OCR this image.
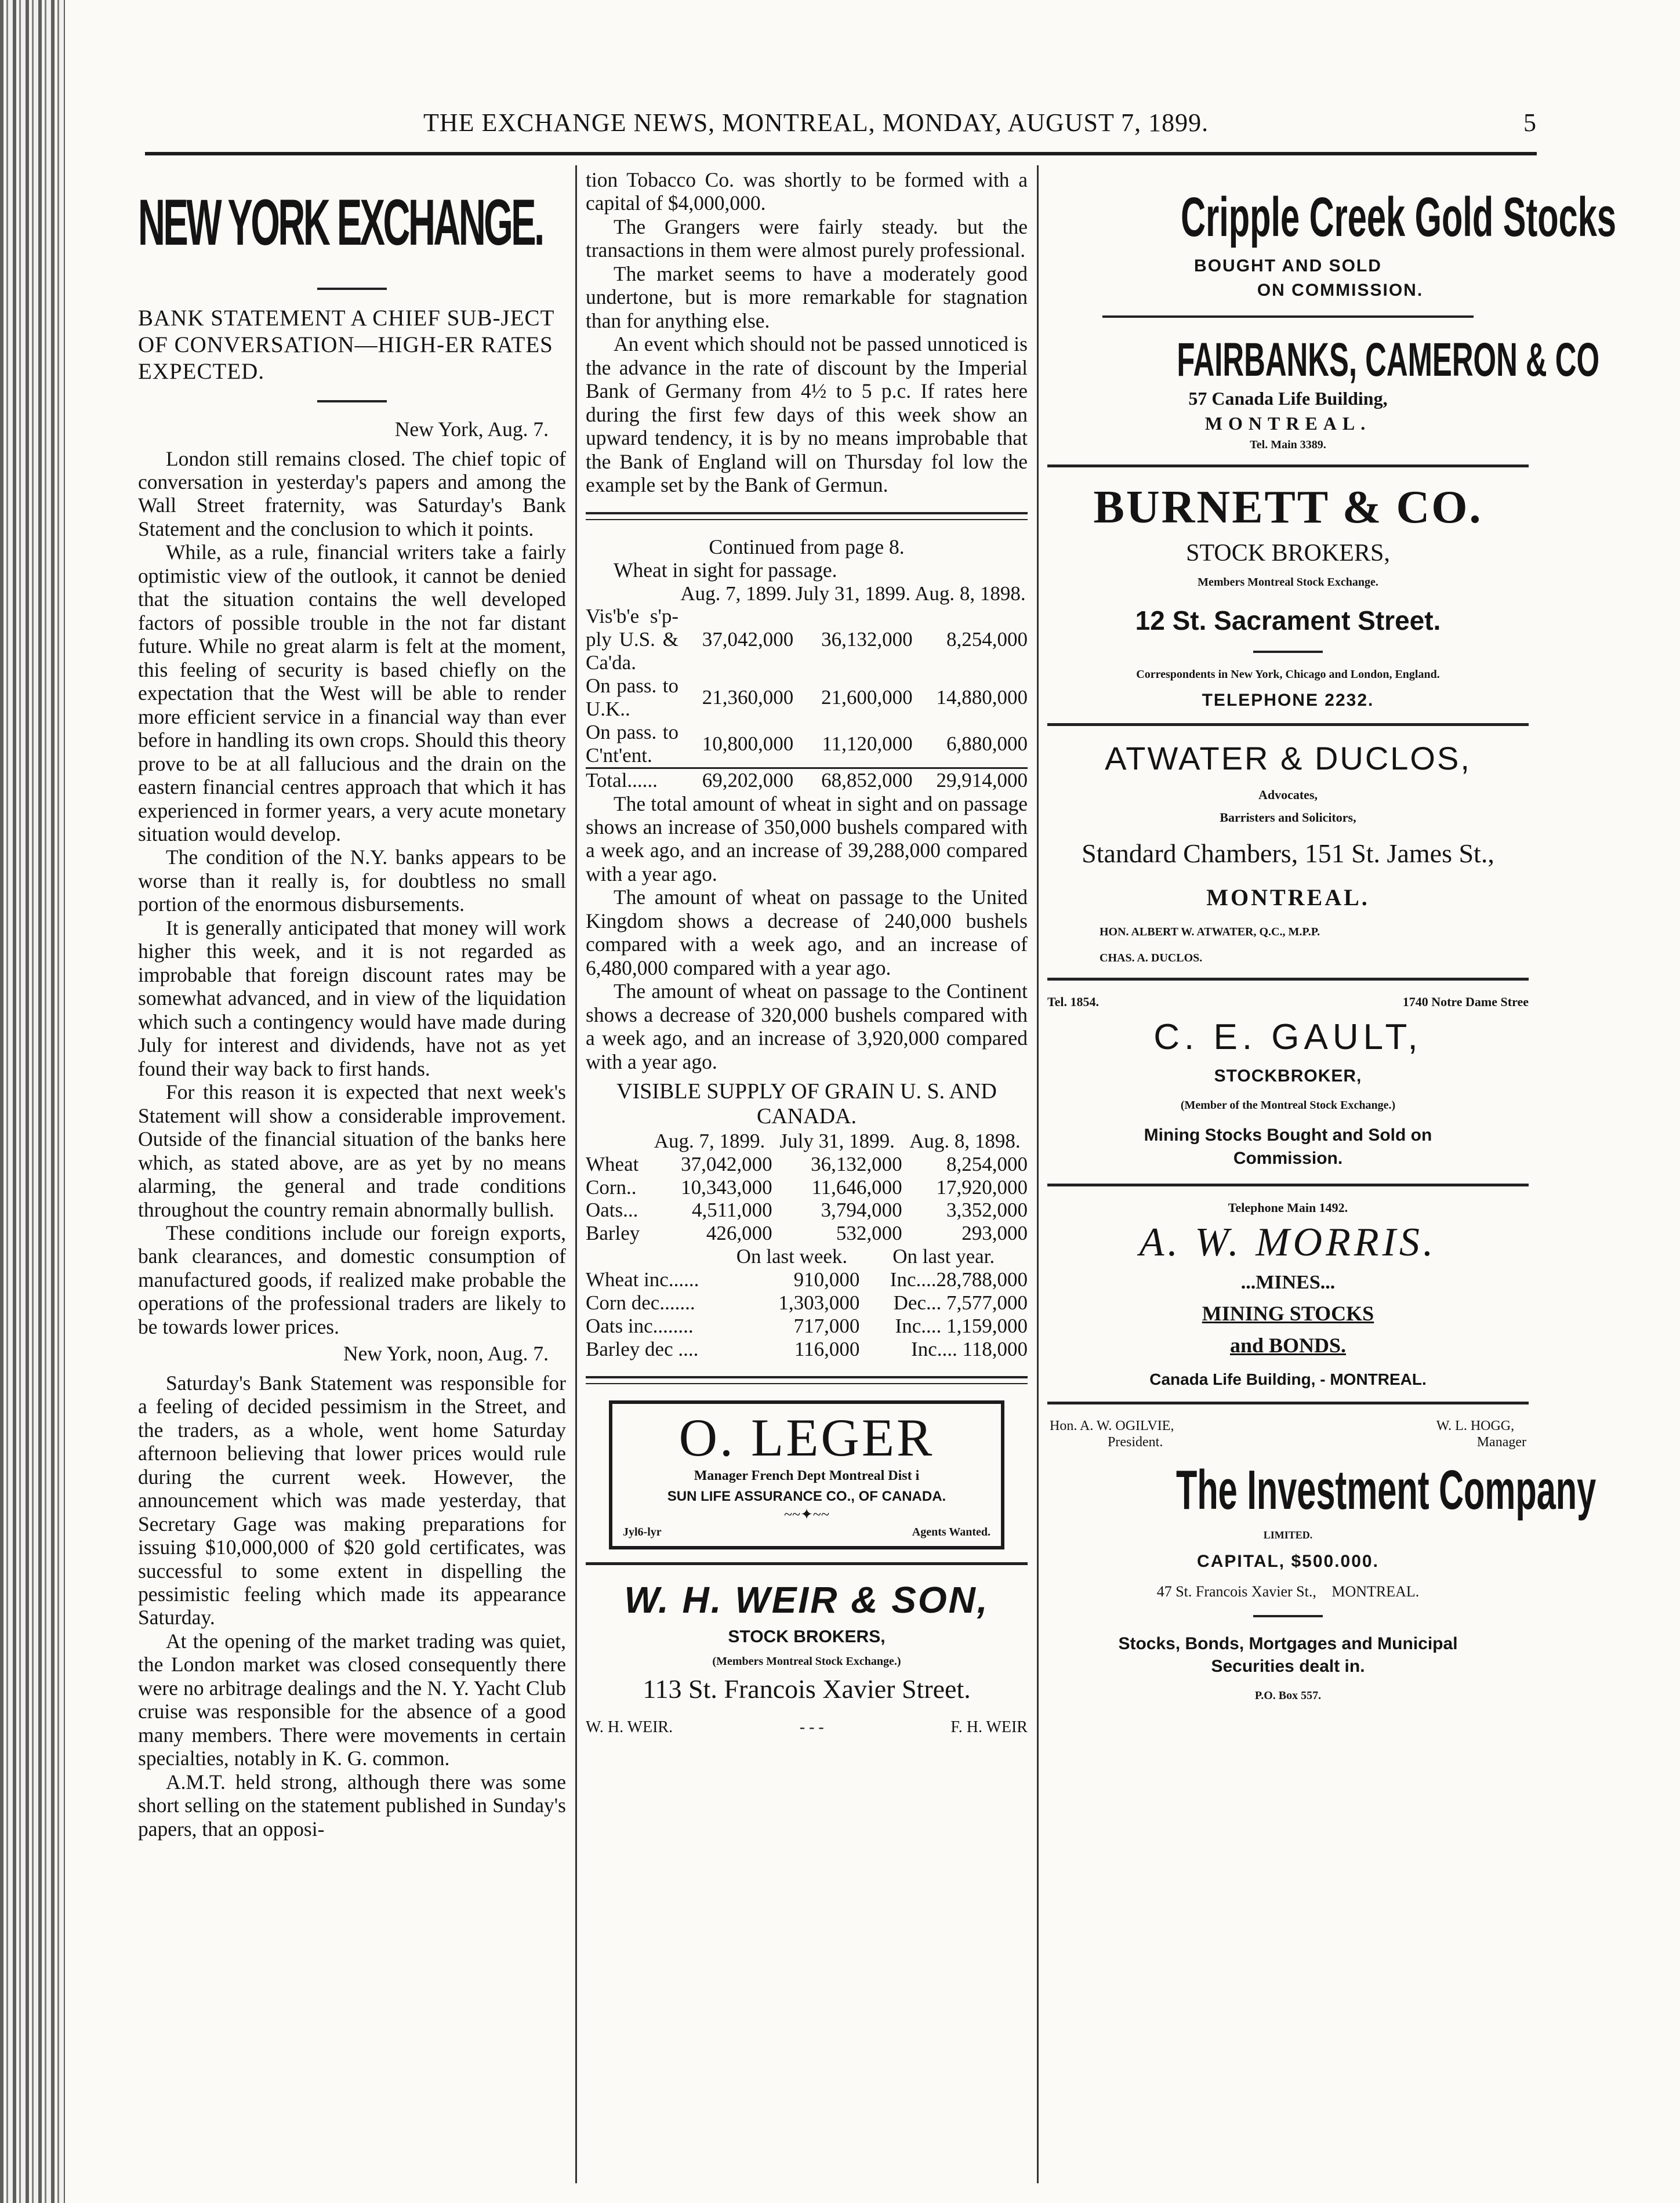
THE EXCHANGE NEWS, MONTREAL, MONDAY, AUGUST 7, 1899.	5
NEW YORK EXCHANGE.

BANK STATEMENT A CHIEF SUB-JECT OF CONVERSATION—HIGH-ER RATES EXPECTED.

New York, Aug. 7.

London still remains closed. The chief topic of conversation in yesterday's papers and among the Wall Street fraternity, was Saturday's Bank Statement and the conclusion to which it points.

While, as a rule, financial writers take a fairly optimistic view of the outlook, it cannot be denied that the situation contains the well developed factors of possible trouble in the not far distant future. While no great alarm is felt at the moment, this feeling of security is based chiefly on the expectation that the West will be able to render more efficient service in a financial way than ever before in handling its own crops. Should this theory prove to be at all fallucious and the drain on the eastern financial centres approach that which it has experienced in former years, a very acute monetary situation would develop.

The condition of the N.Y. banks appears to be worse than it really is, for doubtless no small portion of the enormous disbursements.

It is generally anticipated that money will work higher this week, and it is not regarded as improbable that foreign discount rates may be somewhat advanced, and in view of the liquidation which such a contingency would have made during July for interest and dividends, have not as yet found their way back to first hands.

For this reason it is expected that next week's Statement will show a considerable improvement. Outside of the financial situation of the banks here which, as stated above, are as yet by no means alarming, the general and trade conditions throughout the country remain abnormally bullish.

These conditions include our foreign exports, bank clearances, and domestic consumption of manufactured goods, if realized make probable the operations of the professional traders are likely to be towards lower prices.

New York, noon, Aug. 7.

Saturday's Bank Statement was responsible for a feeling of decided pessimism in the Street, and the traders, as a whole, went home Saturday afternoon believing that lower prices would rule during the current week. However, the announcement which was made yesterday, that Secretary Gage was making preparations for issuing $10,000,000 of $20 gold certificates, was successful to some extent in dispelling the pessimistic feeling which made its appearance Saturday.

At the opening of the market trading was quiet, the London market was closed consequently there were no arbitrage dealings and the N. Y. Yacht Club cruise was responsible for the absence of a good many members. There were movements in certain specialties, notably in K. G. common.

A.M.T. held strong, although there was some short selling on the statement published in Sunday's papers, that an opposi-

tion Tobacco Co. was shortly to be formed with a capital of $4,000,000.

The Grangers were fairly steady. but the transactions in them were almost purely professional.

The market seems to have a moderately good undertone, but is more remarkable for stagnation than for anything else.

An event which should not be passed unnoticed is the advance in the rate of discount by the Imperial Bank of Germany from 4½ to 5 p.c. If rates here during the first few days of this week show an upward tendency, it is by no means improbable that the Bank of England will on Thursday fol low the example set by the Bank of Germun.

Continued from page 8.

Wheat in sight for passage.

	Aug. 7, 1899.	July 31, 1899.	Aug. 8, 1898.
Vis'b'e s'p-ply U.S. & Ca'da.	37,042,000	36,132,000	8,254,000
On pass. to U.K..	21,360,000	21,600,000	14,880,000
On pass. to C'nt'ent.	10,800,000	11,120,000	6,880,000
Total......	69,202,000	68,852,000	29,914,000

The total amount of wheat in sight and on passage shows an increase of 350,000 bushels compared with a week ago, and an increase of 39,288,000 compared with a year ago.

The amount of wheat on passage to the United Kingdom shows a decrease of 240,000 bushels compared with a week ago, and an increase of 6,480,000 compared with a year ago.

The amount of wheat on passage to the Continent shows a decrease of 320,000 bushels compared with a week ago, and an increase of 3,920,000 compared with a year ago.

VISIBLE SUPPLY OF GRAIN U. S. AND CANADA.

	Aug. 7, 1899.	July 31, 1899.	Aug. 8, 1898.
Wheat	37,042,000	36,132,000	8,254,000
Corn..	10,343,000	11,646,000	17,920,000
Oats...	4,511,000	3,794,000	3,352,000
Barley	426,000	532,000	293,000
	On last week.	On last year.
Wheat inc......	910,000	Inc....28,788,000
Corn dec.......	1,303,000	Dec... 7,577,000
Oats inc........	717,000	Inc.... 1,159,000
Barley dec ....	116,000	Inc.... 118,000
O. LEGER
Manager French Dept Montreal Dist i
SUN LIFE ASSURANCE CO., OF CANADA.
~~✦~~
Jyl6-lyr	Agents Wanted.
W. H. WEIR & SON,
STOCK BROKERS,
(Members Montreal Stock Exchange.)
113 St. Francois Xavier Street.
W. H. WEIR.	- - -	F. H. WEIR
Cripple Creek Gold Stocks
BOUGHT AND SOLD
ON COMMISSION.
FAIRBANKS, CAMERON & CO
57 Canada Life Building,
MONTREAL.
Tel. Main 3389.
BURNETT & CO.
STOCK BROKERS,
Members Montreal Stock Exchange.
12 St. Sacrament Street.
Correspondents in New York, Chicago and London, England.
TELEPHONE 2232.
ATWATER & DUCLOS,
Advocates,
Barristers and Solicitors,
Standard Chambers, 151 St. James St.,
MONTREAL.
HON. ALBERT W. ATWATER, Q.C., M.P.P.
CHAS. A. DUCLOS.
Tel. 1854.	1740 Notre Dame Stree
C. E. GAULT,
STOCKBROKER,
(Member of the Montreal Stock Exchange.)
Mining Stocks Bought and Sold on Commission.
Telephone Main 1492.
A. W. MORRIS.
...MINES...
MINING STOCKS
and BONDS.
Canada Life Building, - MONTREAL.
Hon. A. W. OGILVIE,
President.
W. L. HOGG,
Manager
The Investment Company
LIMITED.
CAPITAL, $500.000.
47 St. Francois Xavier St., MONTREAL.
Stocks, Bonds, Mortgages and Municipal Securities dealt in.
P.O. Box 557.
